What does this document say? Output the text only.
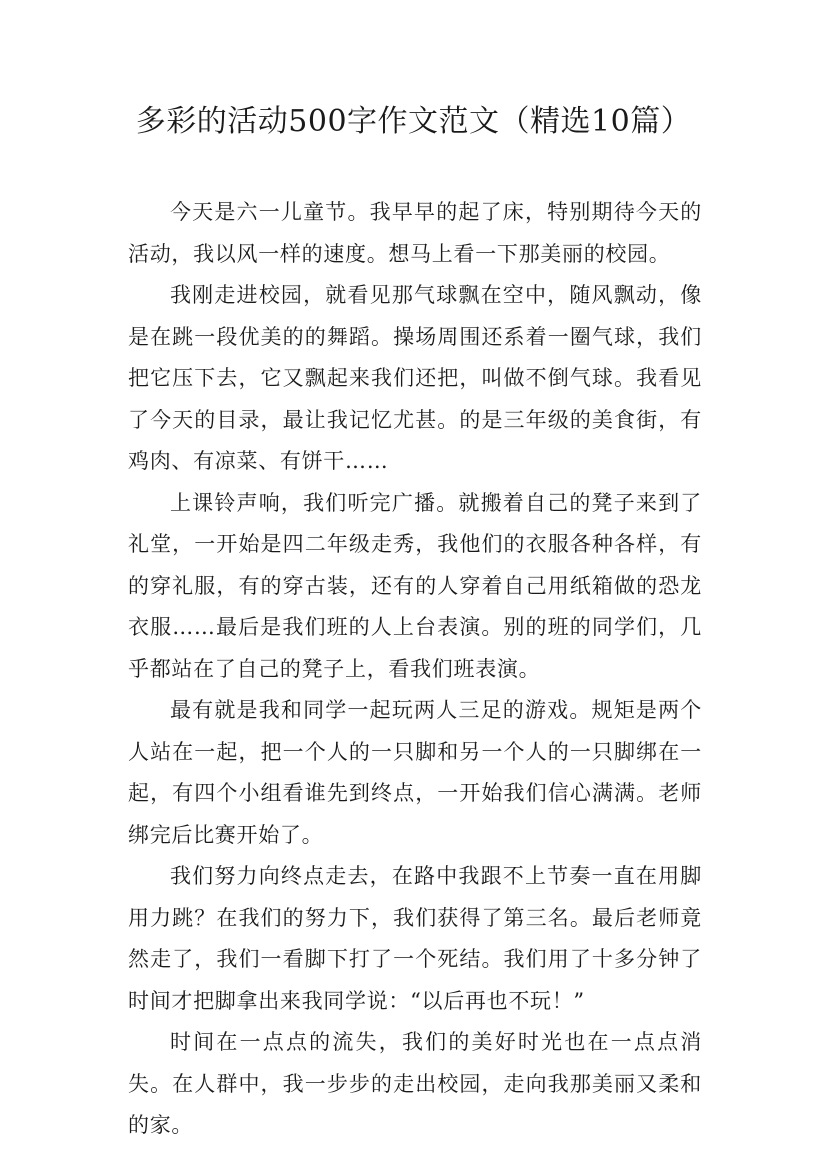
多彩的活动500字作文范文（精选10篇）

今天是六一儿童节。我早早的起了床，特别期待今天的活动，我以风一样的速度。想马上看一下那美丽的校园。

我刚走进校园，就看见那气球飘在空中，随风飘动，像是在跳一段优美的的舞蹈。操场周围还系着一圈气球，我们把它压下去，它又飘起来我们还把，叫做不倒气球。我看见了今天的目录，最让我记忆尤甚。的是三年级的美食街，有鸡肉、有凉菜、有饼干……

上课铃声响，我们听完广播。就搬着自己的凳子来到了礼堂，一开始是四二年级走秀，我他们的衣服各种各样，有的穿礼服，有的穿古装，还有的人穿着自己用纸箱做的恐龙衣服……最后是我们班的人上台表演。别的班的同学们，几乎都站在了自己的凳子上，看我们班表演。

最有就是我和同学一起玩两人三足的游戏。规矩是两个人站在一起，把一个人的一只脚和另一个人的一只脚绑在一起，有四个小组看谁先到终点，一开始我们信心满满。老师绑完后比赛开始了。

我们努力向终点走去，在路中我跟不上节奏一直在用脚用力跳？在我们的努力下，我们获得了第三名。最后老师竟然走了，我们一看脚下打了一个死结。我们用了十多分钟了时间才把脚拿出来我同学说：“以后再也不玩！”

时间在一点点的流失，我们的美好时光也在一点点消失。在人群中，我一步步的走出校园，走向我那美丽又柔和的家。
